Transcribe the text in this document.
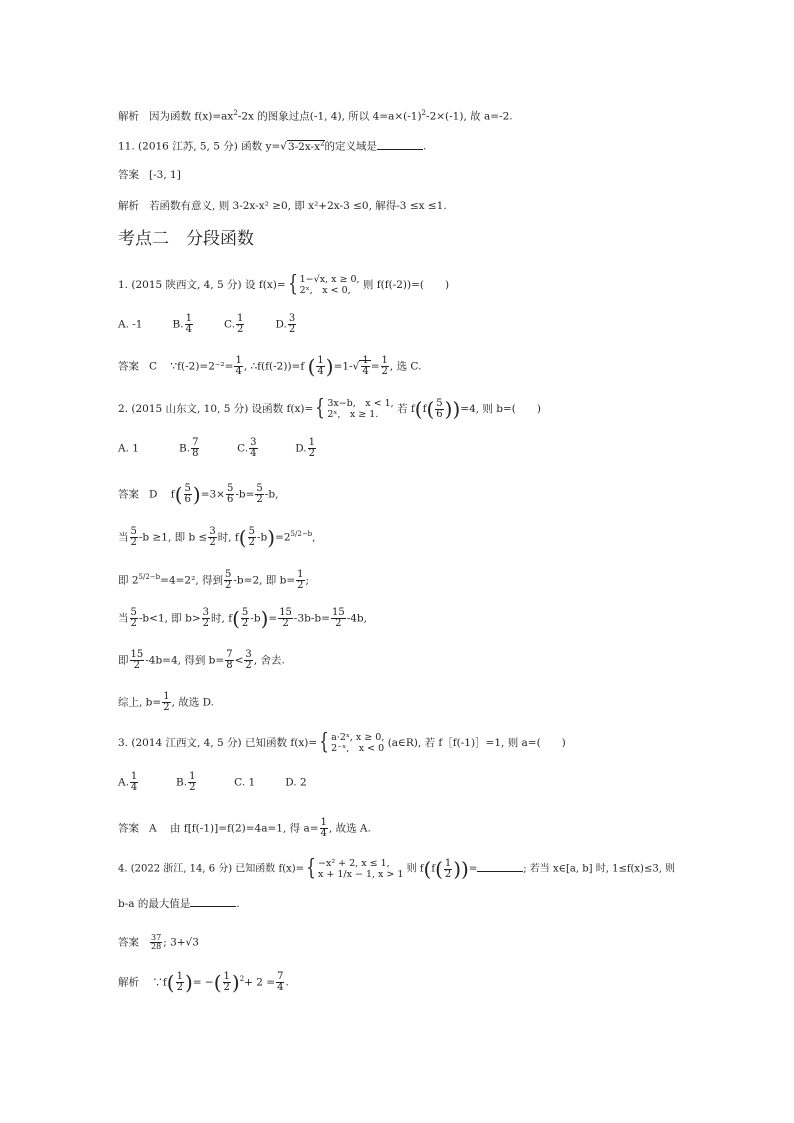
解析 因为函数 $f(x)=ax^2-2x$ 的图象过点(-1, 4), 所以 $4=a\times(-1)^2-2\times(-1)$, 故 a=-2.
11. (2016 江苏, 5, 5 分) 函数 $y=√3-2x-x^2$的定义域是	.
答案 [-3, 1]
解析 若函数有意义, 则 3-2x-x² ≥0, 即 x²+2x-3 ≤0, 解得-3 ≤x ≤1.
考点二　分段函数
1. (2015 陕西文, 4, 5 分) 设 f(x)={ 1−√x, x ≥ 0,
2ˣ,　x < 0, 则 f(f(-2))=(　　)
A. -1	B. $\frac{1}{4}$	C. $\frac{1}{2}$	D. $\frac{3}{2}$
答案 C ∵f(-2)=2⁻²= $\frac{1}{4}$ , ∴f(f(-2))=f ( $\frac{1}{4} )=1-√ \frac{1}{4} = \frac{1}{2}$ , 选 C.
2. (2015 山东文, 10, 5 分) 设函数 f(x)={ 3x−b,　x < 1,
2ˣ,　x ≥ 1. 若 $f(f( \frac{5}{6} ))=4$, 则 b=(　　)
A. 1	B. $\frac{7}{8}$	C. $\frac{3}{4}$	D. $\frac{1}{2}$
答案 D $f( \frac{5}{6} )=3\times \frac{5}{6} -b= \frac{5}{2} -b$,
当 $\frac{5}{2} -b \ge 1$, 即 $b \le \frac{3}{2}$ 时, $f( \frac{5}{2} -b)=2^{5/2-b}$,
即 $2^{5/2-b}=4=2^2$, 得到 $\frac{5}{2} -b=2$, 即 $b= \frac{1}{2}$ ;
当 $\frac{5}{2} -b<1$, 即 $b> \frac{3}{2}$ 时, $f( \frac{5}{2} -b)= \frac{15}{2} -3b-b= \frac{15}{2} -4b$,
即 $\frac{15}{2} -4b=4$, 得到 $b= \frac{7}{8} < \frac{3}{2}$ , 舍去.
综上, $b= \frac{1}{2}$ , 故选 D.
3. (2014 江西文, 4, 5 分) 已知函数 f(x)={ a·2ˣ, x ≥ 0,
2⁻ˣ,　x < 0 (a∈R), 若 f［f(-1)］=1, 则 a=(　　)
A. $\frac{1}{4}$	B. $\frac{1}{2}$	C. 1	D. 2
答案 A 由 f[f(-1)]=f(2)=4a=1, 得 $a= \frac{1}{4}$ , 故选 A.
4. (2022 浙江, 14, 6 分) 已知函数 f(x)={ −x² + 2, x ≤ 1,
x + 1/x − 1, x > 1 则 $f(f( \frac{1}{2}$ ))=	; 若当 x∈[a, b] 时, 1≤f(x)≤3, 则
b-a 的最大值是	.
答案 $\frac{37}{28}$ ; 3+√3
解析 ∵f( $\frac{1}{2}$ )= −( $\frac{1}{2} )^2+ 2 = \frac{7}{4}$ .
